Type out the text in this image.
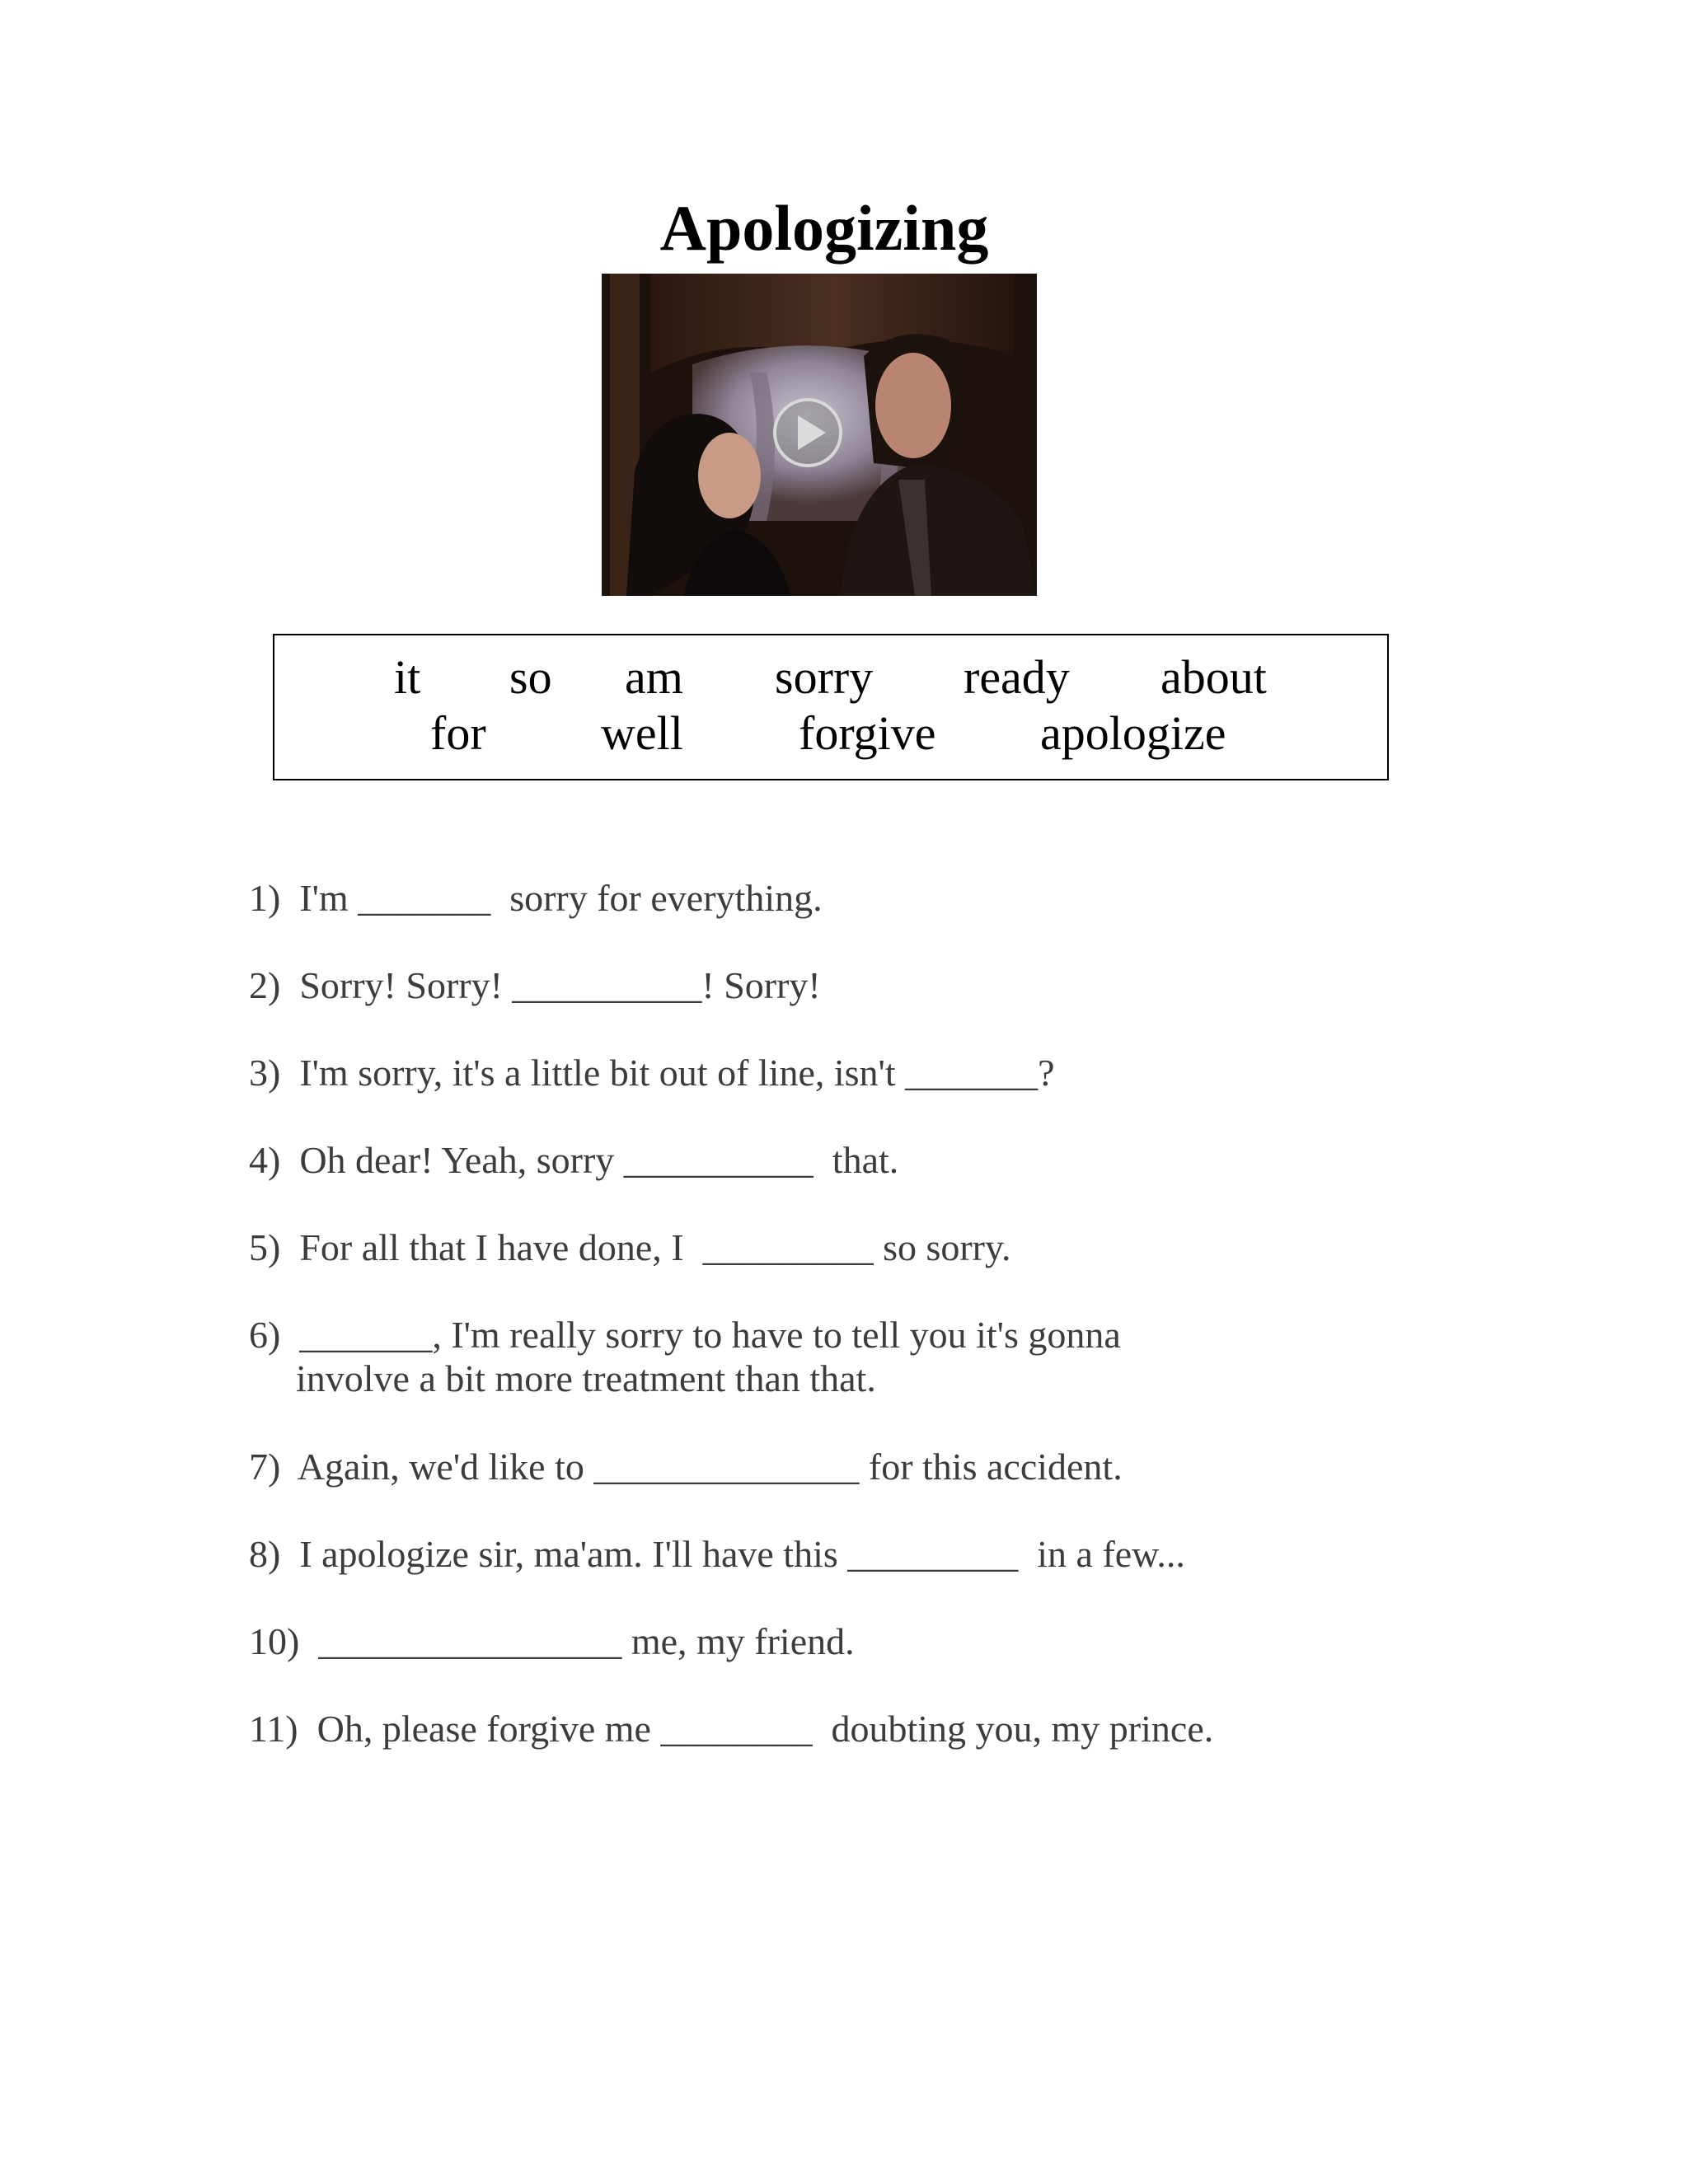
Apologizing
it so am sorry ready about
for well forgive apologize
1)  I'm _______  sorry for everything.
2)  Sorry! Sorry! __________! Sorry!
3)  I'm sorry, it's a little bit out of line, isn't _______?
4)  Oh dear! Yeah, sorry __________  that.
5)  For all that I have done, I  _________ so sorry.
6)  _______, I'm really sorry to have to tell you it's gonna
involve a bit more treatment than that.
7)  Again, we'd like to ______________ for this accident.
8)  I apologize sir, ma'am. I'll have this _________  in a few...
10)  ________________ me, my friend.
11)  Oh, please forgive me ________  doubting you, my prince.
